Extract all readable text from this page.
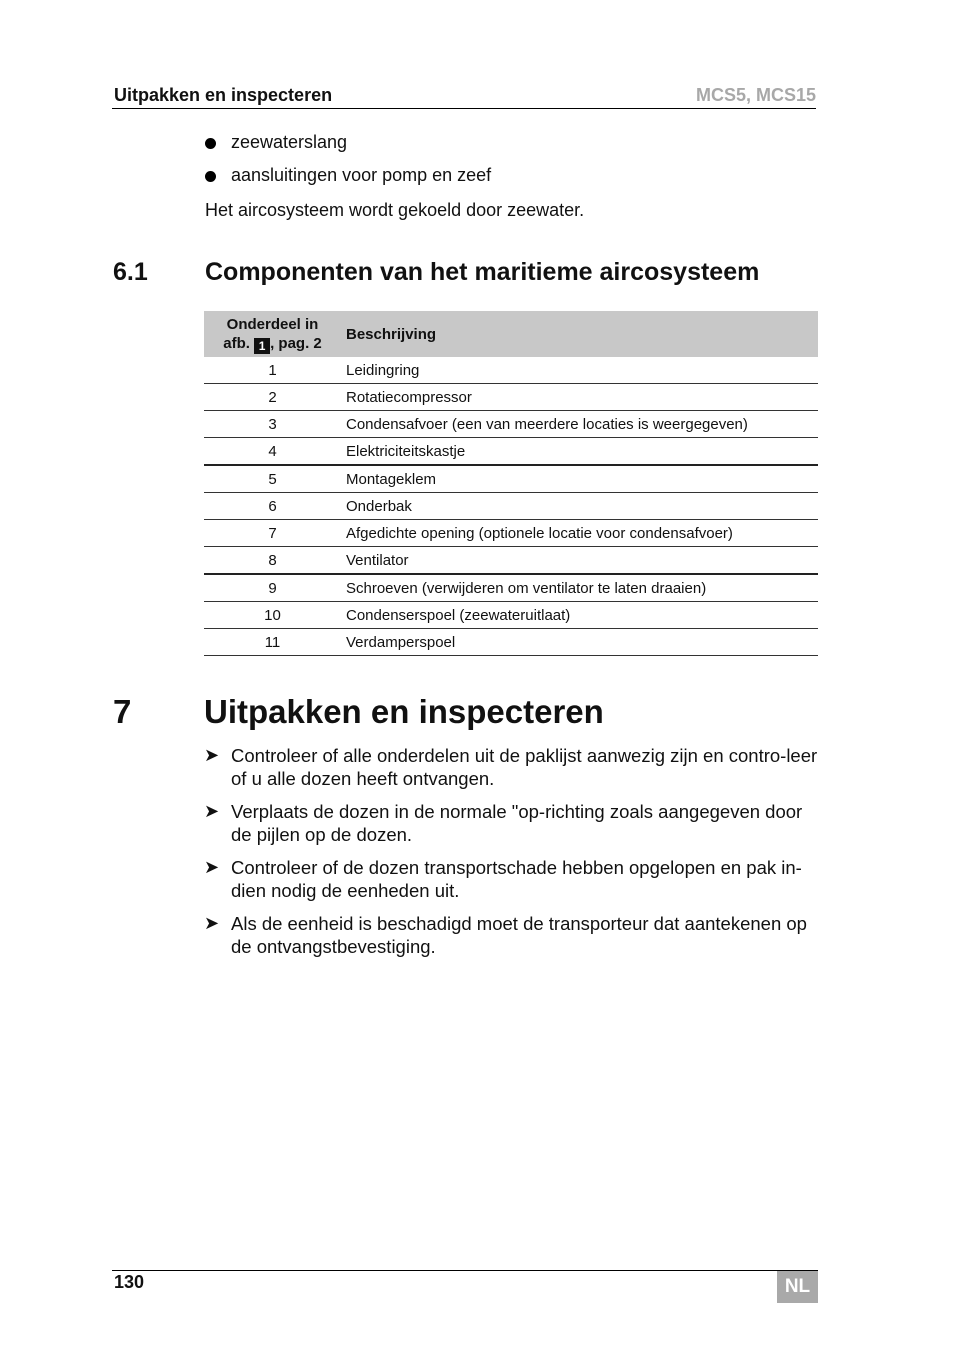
Uitpakken en inspecteren	MCS5, MCS15
zeewaterslang
aansluitingen voor pomp en zeef
Het aircosysteem wordt gekoeld door zeewater.
6.1 Componenten van het maritieme aircosysteem
Onderdeel in
afb. 1 , pag. 2	Beschrijving
1	Leidingring
2	Rotatiecompressor
3	Condensafvoer (een van meerdere locaties is weergegeven)
4	Elektriciteitskastje
5	Montageklem
6	Onderbak
7	Afgedichte opening (optionele locatie voor condensafvoer)
8	Ventilator
9	Schroeven (verwijderen om ventilator te laten draaien)
10	Condenserspoel (zeewateruitlaat)
11	Verdamperspoel
7 Uitpakken en inspecteren
➤ Controleer of alle onderdelen uit de paklijst aanwezig zijn en contro-leer of u alle dozen heeft ontvangen.
➤ Verplaats de dozen in de normale "op-richting zoals aangegeven door de pijlen op de dozen.
➤ Controleer of de dozen transportschade hebben opgelopen en pak in-dien nodig de eenheden uit.
➤ Als de eenheid is beschadigd moet de transporteur dat aantekenen op de ontvangstbevestiging.
130	NL
